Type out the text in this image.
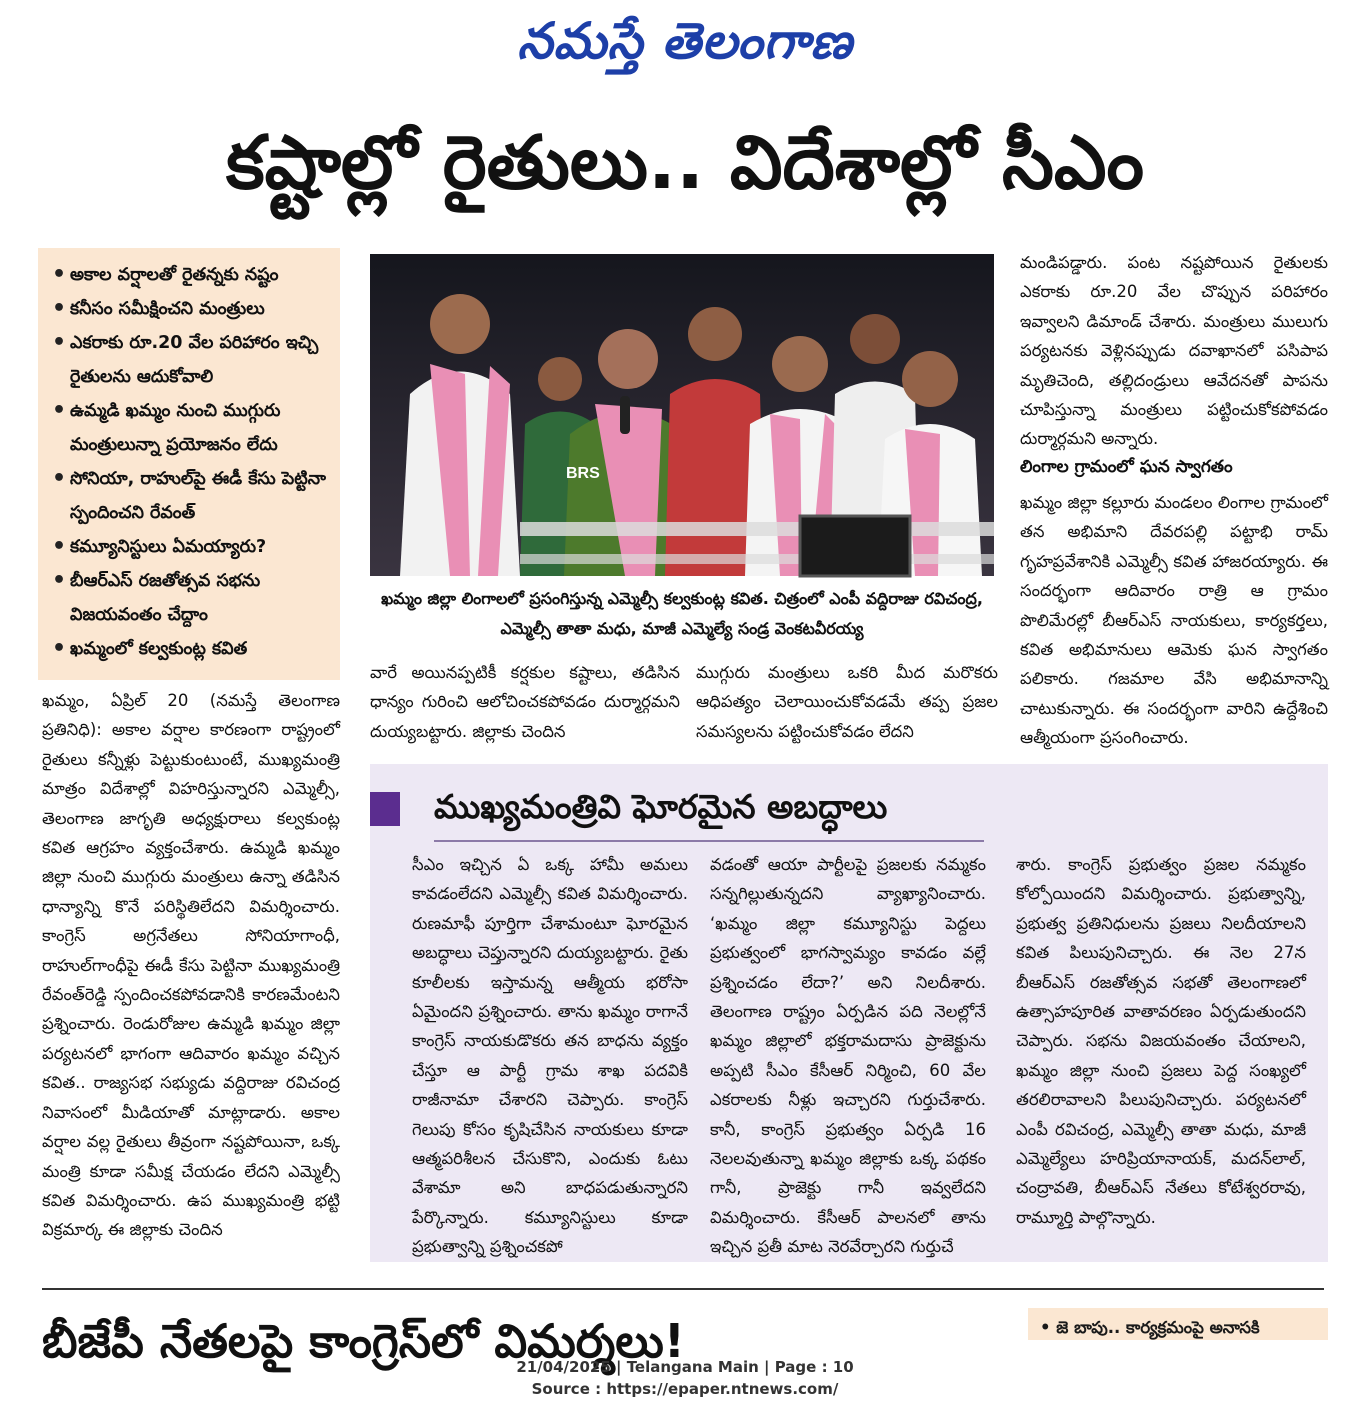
నమస్తే తెలంగాణ
కష్టాల్లో రైతులు.. విదేశాల్లో సీఎం
• అకాల వర్షాలతో రైతన్నకు నష్టం
• కనీసం సమీక్షించని మంత్రులు
• ఎకరాకు రూ.20 వేల పరిహారం ఇచ్చి రైతులను ఆదుకోవాలి
• ఉమ్మడి ఖమ్మం నుంచి ముగ్గురు మంత్రులున్నా ప్రయోజనం లేదు
• సోనియా, రాహుల్‌పై ఈడీ కేసు పెట్టినా స్పందించని రేవంత్
• కమ్యూనిస్టులు ఏమయ్యారు?
• బీఆర్‌ఎస్ రజతోత్సవ సభను విజయవంతం చేద్దాం
• ఖమ్మంలో కల్వకుంట్ల కవిత
BRS
ఖమ్మం జిల్లా లింగాలలో ప్రసంగిస్తున్న ఎమ్మెల్సీ కల్వకుంట్ల కవిత. చిత్రంలో ఎంపీ వద్దిరాజు రవిచంద్ర, ఎమ్మెల్సీ తాతా మధు, మాజీ ఎమ్మెల్యే సండ్ర వెంకటవీరయ్య
ఖమ్మం, ఏప్రిల్ 20 (నమస్తే తెలంగాణ ప్రతినిధి): అకాల వర్షాల కారణంగా రాష్ట్రంలో రైతులు కన్నీళ్లు పెట్టుకుంటుంటే, ముఖ్యమంత్రి మాత్రం విదేశాల్లో విహరిస్తున్నారని ఎమ్మెల్సీ, తెలంగాణ జాగృతి అధ్యక్షురాలు కల్వకుంట్ల కవిత ఆగ్రహం వ్యక్తంచేశారు. ఉమ్మడి ఖమ్మం జిల్లా నుంచి ముగ్గురు మంత్రులు ఉన్నా తడిసిన ధాన్యాన్ని కొనే పరిస్థితిలేదని విమర్శించారు. కాంగ్రెస్ అగ్రనేతలు సోనియాగాంధీ, రాహుల్‌గాంధీపై ఈడీ కేసు పెట్టినా ముఖ్యమంత్రి రేవంత్‌రెడ్డి స్పందించకపోవడానికి కారణమేంటని ప్రశ్నించారు. రెండురోజుల ఉమ్మడి ఖమ్మం జిల్లా పర్యటనలో భాగంగా ఆదివారం ఖమ్మం వచ్చిన కవిత.. రాజ్యసభ సభ్యుడు వద్దిరాజు రవిచంద్ర నివాసంలో మీడియాతో మాట్లాడారు. అకాల వర్షాల వల్ల రైతులు తీవ్రంగా నష్టపోయినా, ఒక్క మంత్రి కూడా సమీక్ష చేయడం లేదని ఎమ్మెల్సీ కవిత విమర్శించారు. ఉప ముఖ్యమంత్రి భట్టి విక్రమార్క ఈ జిల్లాకు చెందిన
వారే అయినప్పటికీ కర్షకుల కష్టాలు, తడిసిన ధాన్యం గురించి ఆలోచించకపోవడం దుర్మార్గమని దుయ్యబట్టారు. జిల్లాకు చెందిన
ముగ్గురు మంత్రులు ఒకరి మీద మరొకరు ఆధిపత్యం చెలాయించుకోవడమే తప్ప ప్రజల సమస్యలను పట్టించుకోవడం లేదని
మండిపడ్డారు. పంట నష్టపోయిన రైతులకు ఎకరాకు రూ.20 వేల చొప్పున పరిహారం ఇవ్వాలని డిమాండ్ చేశారు. మంత్రులు ములుగు పర్యటనకు వెళ్లినప్పుడు దవాఖానలో పసిపాప మృతిచెంది, తల్లిదండ్రులు ఆవేదనతో పాపను చూపిస్తున్నా మంత్రులు పట్టించుకోకపోవడం దుర్మార్గమని అన్నారు.
లింగాల గ్రామంలో ఘన స్వాగతం
ఖమ్మం జిల్లా కల్లూరు మండలం లింగాల గ్రామంలో తన అభిమాని దేవరపల్లి పట్టాభి రామ్ గృహప్రవేశానికి ఎమ్మెల్సీ కవిత హాజరయ్యారు. ఈ సందర్భంగా ఆదివారం రాత్రి ఆ గ్రామం పొలిమేరల్లో బీఆర్‌ఎస్ నాయకులు, కార్యకర్తలు, కవిత అభిమానులు ఆమెకు ఘన స్వాగతం పలికారు. గజమాల వేసి అభిమానాన్ని చాటుకున్నారు. ఈ సందర్భంగా వారిని ఉద్దేశించి ఆత్మీయంగా ప్రసంగించారు.
ముఖ్యమంత్రివి ఘోరమైన అబద్ధాలు
సీఎం ఇచ్చిన ఏ ఒక్క హామీ అమలు కావడంలేదని ఎమ్మెల్సీ కవిత విమర్శించారు. రుణమాఫీ పూర్తిగా చేశామంటూ ఘోరమైన అబద్ధాలు చెప్తున్నారని దుయ్యబట్టారు. రైతు కూలీలకు ఇస్తామన్న ఆత్మీయ భరోసా ఏమైందని ప్రశ్నించారు. తాను ఖమ్మం రాగానే కాంగ్రెస్ నాయకుడొకరు తన బాధను వ్యక్తం చేస్తూ ఆ పార్టీ గ్రామ శాఖ పదవికి రాజీనామా చేశారని చెప్పారు. కాంగ్రెస్ గెలుపు కోసం కృషిచేసిన నాయకులు కూడా ఆత్మపరిశీలన చేసుకొని, ఎందుకు ఓటు వేశామా అని బాధపడుతున్నారని పేర్కొన్నారు. కమ్యూనిస్టులు కూడా ప్రభుత్వాన్ని ప్రశ్నించకపో
వడంతో ఆయా పార్టీలపై ప్రజలకు నమ్మకం సన్నగిల్లుతున్నదని వ్యాఖ్యానించారు. ‘ఖమ్మం జిల్లా కమ్యూనిస్టు పెద్దలు ప్రభుత్వంలో భాగస్వామ్యం కావడం వల్లే ప్రశ్నించడం లేదా?’ అని నిలదీశారు. తెలంగాణ రాష్ట్రం ఏర్పడిన పది నెలల్లోనే ఖమ్మం జిల్లాలో భక్తరామదాసు ప్రాజెక్టును అప్పటి సీఎం కేసీఆర్ నిర్మించి, 60 వేల ఎకరాలకు నీళ్లు ఇచ్చారని గుర్తుచేశారు. కానీ, కాంగ్రెస్ ప్రభుత్వం ఏర్పడి 16 నెలలవుతున్నా ఖమ్మం జిల్లాకు ఒక్క పథకం గానీ, ప్రాజెక్టు గానీ ఇవ్వలేదని విమర్శించారు. కేసీఆర్ పాలనలో తాను ఇచ్చిన ప్రతీ మాట నెరవేర్చారని గుర్తుచే
శారు. కాంగ్రెస్ ప్రభుత్వం ప్రజల నమ్మకం కోల్పోయిందని విమర్శించారు. ప్రభుత్వాన్ని, ప్రభుత్వ ప్రతినిధులను ప్రజలు నిలదీయాలని కవిత పిలుపునిచ్చారు. ఈ నెల 27న బీఆర్‌ఎస్ రజతోత్సవ సభతో తెలంగాణలో ఉత్సాహపూరిత వాతావరణం ఏర్పడుతుందని చెప్పారు. సభను విజయవంతం చేయాలని, ఖమ్మం జిల్లా నుంచి ప్రజలు పెద్ద సంఖ్యలో తరలిరావాలని పిలుపునిచ్చారు. పర్యటనలో ఎంపీ రవిచంద్ర, ఎమ్మెల్సీ తాతా మధు, మాజీ ఎమ్మెల్యేలు హరిప్రియానాయక్, మదన్‌లాల్, చంద్రావతి, బీఆర్‌ఎస్ నేతలు కోటేశ్వరరావు, రామ్మూర్తి పాల్గొన్నారు.
బీజేపీ నేతలపై కాంగ్రెస్‌లో విమర్శలు!	• జె బాపు.. కార్యక్రమంపై అనాసకి
21/04/2025 | Telangana Main | Page : 10
Source : https://epaper.ntnews.com/
